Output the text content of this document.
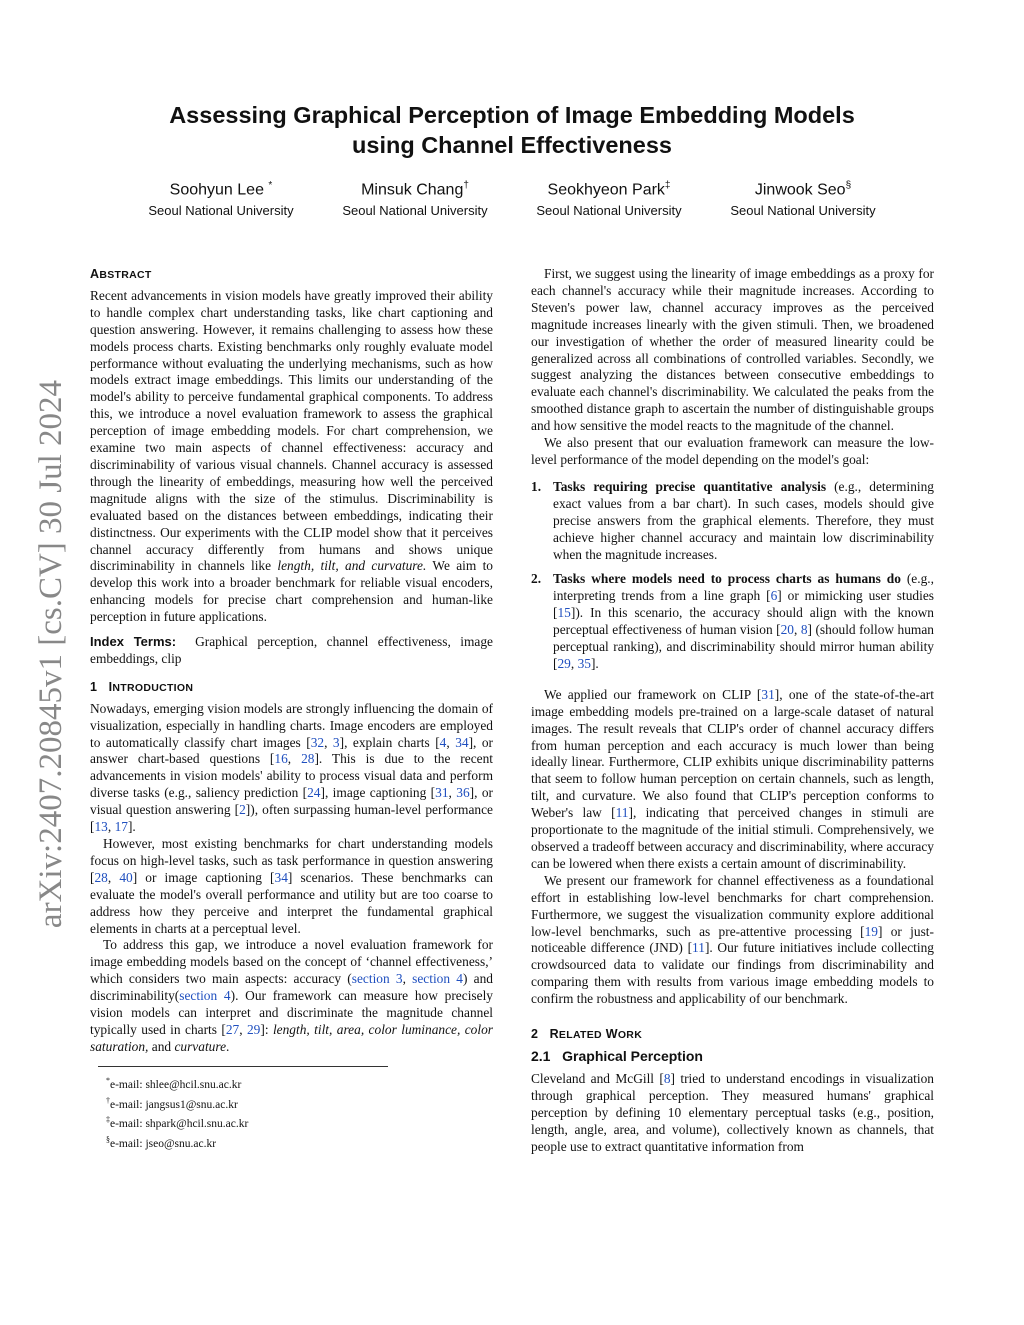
arXiv:2407.20845v1 [cs.CV] 30 Jul 2024
Assessing Graphical Perception of Image Embedding Models
using Channel Effectiveness
Soohyun Lee *
Seoul National University
Minsuk Chang†
Seoul National University
Seokhyeon Park‡
Seoul National University
Jinwook Seo§
Seoul National University
ABSTRACT

Recent advancements in vision models have greatly improved their ability to handle complex chart understanding tasks, like chart captioning and question answering. However, it remains challenging to assess how these models process charts. Existing benchmarks only roughly evaluate model performance without evaluating the underlying mechanisms, such as how models extract image embeddings. This limits our understanding of the model's ability to perceive fundamental graphical components. To address this, we introduce a novel evaluation framework to assess the graphical perception of image embedding models. For chart comprehension, we examine two main aspects of channel effectiveness: accuracy and discriminability of various visual channels. Channel accuracy is assessed through the linearity of embeddings, measuring how well the perceived magnitude aligns with the size of the stimulus. Discriminability is evaluated based on the distances between embeddings, indicating their distinctness. Our experiments with the CLIP model show that it perceives channel accuracy differently from humans and shows unique discriminability in channels like length, tilt, and curvature. We aim to develop this work into a broader benchmark for reliable visual encoders, enhancing models for precise chart comprehension and human-like perception in future applications.

Index Terms: Graphical perception, channel effectiveness, image embeddings, clip

1 INTRODUCTION

Nowadays, emerging vision models are strongly influencing the domain of visualization, especially in handling charts. Image encoders are employed to automatically classify chart images [32, 3], explain charts [4, 34], or answer chart-based questions [16, 28]. This is due to the recent advancements in vision models' ability to process visual data and perform diverse tasks (e.g., saliency prediction [24], image captioning [31, 36], or visual question answering [2]), often surpassing human-level performance [13, 17].

However, most existing benchmarks for chart understanding models focus on high-level tasks, such as task performance in question answering [28, 40] or image captioning [34] scenarios. These benchmarks can evaluate the model's overall performance and utility but are too coarse to address how they perceive and interpret the fundamental graphical elements in charts at a perceptual level.

To address this gap, we introduce a novel evaluation framework for image embedding models based on the concept of ‘channel effectiveness,’ which considers two main aspects: accuracy (section 3, section 4) and discriminability(section 4). Our framework can measure how precisely vision models can interpret and discriminate the magnitude channel typically used in charts [27, 29]: length, tilt, area, color luminance, color saturation, and curvature.

*e-mail: shlee@hcil.snu.ac.kr
†e-mail: jangsus1@snu.ac.kr
‡e-mail: shpark@hcil.snu.ac.kr
§e-mail: jseo@snu.ac.kr

First, we suggest using the linearity of image embeddings as a proxy for each channel's accuracy while their magnitude increases. According to Steven's power law, channel accuracy improves as the perceived magnitude increases linearly with the given stimuli. Then, we broadened our investigation of whether the order of measured linearity could be generalized across all combinations of controlled variables. Secondly, we suggest analyzing the distances between consecutive embeddings to evaluate each channel's discriminability. We calculated the peaks from the smoothed distance graph to ascertain the number of distinguishable groups and how sensitive the model reacts to the magnitude of the channel.

We also present that our evaluation framework can measure the low-level performance of the model depending on the model's goal:

1. Tasks requiring precise quantitative analysis (e.g., determining exact values from a bar chart). In such cases, models should give precise answers from the graphical elements. Therefore, they must achieve higher channel accuracy and maintain low discriminability when the magnitude increases.
2. Tasks where models need to process charts as humans do (e.g., interpreting trends from a line graph [6] or mimicking user studies [15]). In this scenario, the accuracy should align with the known perceptual effectiveness of human vision [20, 8] (should follow human perceptual ranking), and discriminability should mirror human ability [29, 35].

We applied our framework on CLIP [31], one of the state-of-the-art image embedding models pre-trained on a large-scale dataset of natural images. The result reveals that CLIP's order of channel accuracy differs from human perception and each accuracy is much lower than being ideally linear. Furthermore, CLIP exhibits unique discriminability patterns that seem to follow human perception on certain channels, such as length, tilt, and curvature. We also found that CLIP's perception conforms to Weber's law [11], indicating that perceived changes in stimuli are proportionate to the magnitude of the initial stimuli. Comprehensively, we observed a tradeoff between accuracy and discriminability, where accuracy can be lowered when there exists a certain amount of discriminability.

We present our framework for channel effectiveness as a foundational effort in establishing low-level benchmarks for chart comprehension. Furthermore, we suggest the visualization community explore additional low-level benchmarks, such as pre-attentive processing [19] or just-noticeable difference (JND) [11]. Our future initiatives include collecting crowdsourced data to validate our findings from discriminability and comparing them with results from various image embedding models to confirm the robustness and applicability of our benchmark.

2 RELATED WORK
2.1 Graphical Perception

Cleveland and McGill [8] tried to understand encodings in visualization through graphical perception. They measured humans' graphical perception by defining 10 elementary perceptual tasks (e.g., position, length, angle, area, and volume), collectively known as channels, that people use to extract quantitative information from
